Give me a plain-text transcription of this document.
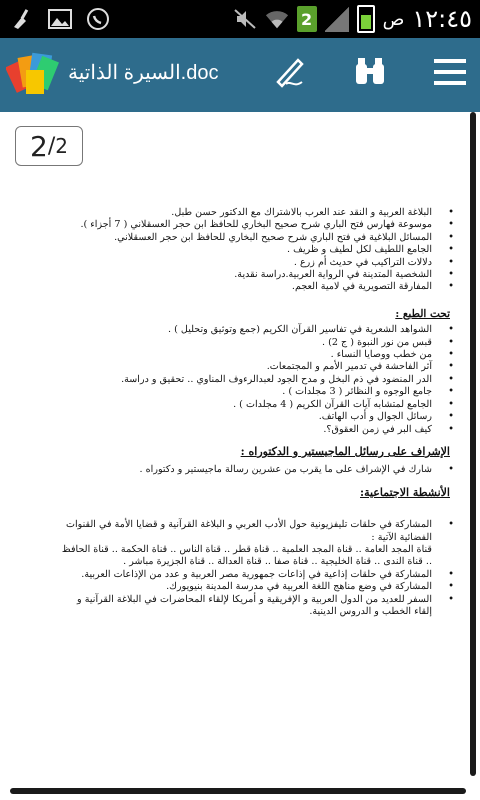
2	ص ١٢:٤٥
السيرة الذاتية.doc
2 / 2
• البلاغة العربية و النقد عند العرب بالاشتراك مع الدكتور حسن طبل.
• موسوعة فهارس فتح الباري شرح صحيح البخاري للحافظ ابن حجر العسقلاني ( 7 أجزاء ).
• المسائل البلاغية في فتح الباري شرح صحيح البخاري للحافظ ابن حجر العسقلاني.
• الجامع اللطيف لكل لطيف و ظريف .
• دلالات التراكيب في حديث أم زرع .
• الشخصية المتدينة في الرواية العربية.دراسة نقدية.
• المفارقة التصويرية في لامية العجم.
تحت الطبع :
• الشواهد الشعرية في تفاسير القرآن الكريم (جمع وتوثيق وتحليل ) .
• قبس من نور النبوة ( ج 2) .
• من خطب ووصايا النساء .
• آثر الفاحشة في تدمير الأمم و المجتمعات.
• الدر المنضود في ذم البخل و مدح الجود لعبدالرءوف المناوي .. تحقيق و دراسة.
• جامع الوجوه و النظائر ( 3 مجلدات ) .
• الجامع لمتشابه آيات القرآن الكريم ( 4 مجلدات ) .
• رسائل الجوال و أدب الهاتف.
• كيف البر في زمن العقوق؟.
الإشراف على رسائل الماجيستير و الدكتوراه :
• شارك في الإشراف على ما يقرب من عشرين رسالة ماجيستير و دكتوراه .
الأنشطة الاجتماعية:
• المشاركة في حلقات تليفزيونية حول الأدب العربي و البلاغة القرآنية و قضايا الأمة في القنوات الفضائية الآتية :
قناة المجد العامة .. قناة المجد العلمية .. قناة قطر .. قناة الناس .. قناة الحكمة .. قناة الحافظ .. قناة الندى .. قناة الخليجية .. قناة صفا .. قناة العدالة .. قناة الجزيرة مباشر .
• المشاركة في حلقات إذاعية في إذاعات جمهورية مصر العربية و عدد من الإذاعات العربية.
• المشاركة في وضع مناهج اللغة العربية في مدرسة المدينة بنيويورك.
• السفر للعديد من الدول العربية و الإفريقية و أمريكا لإلقاء المحاضرات في البلاغة القرآنية و إلقاء الخطب و الدروس الدينية.
